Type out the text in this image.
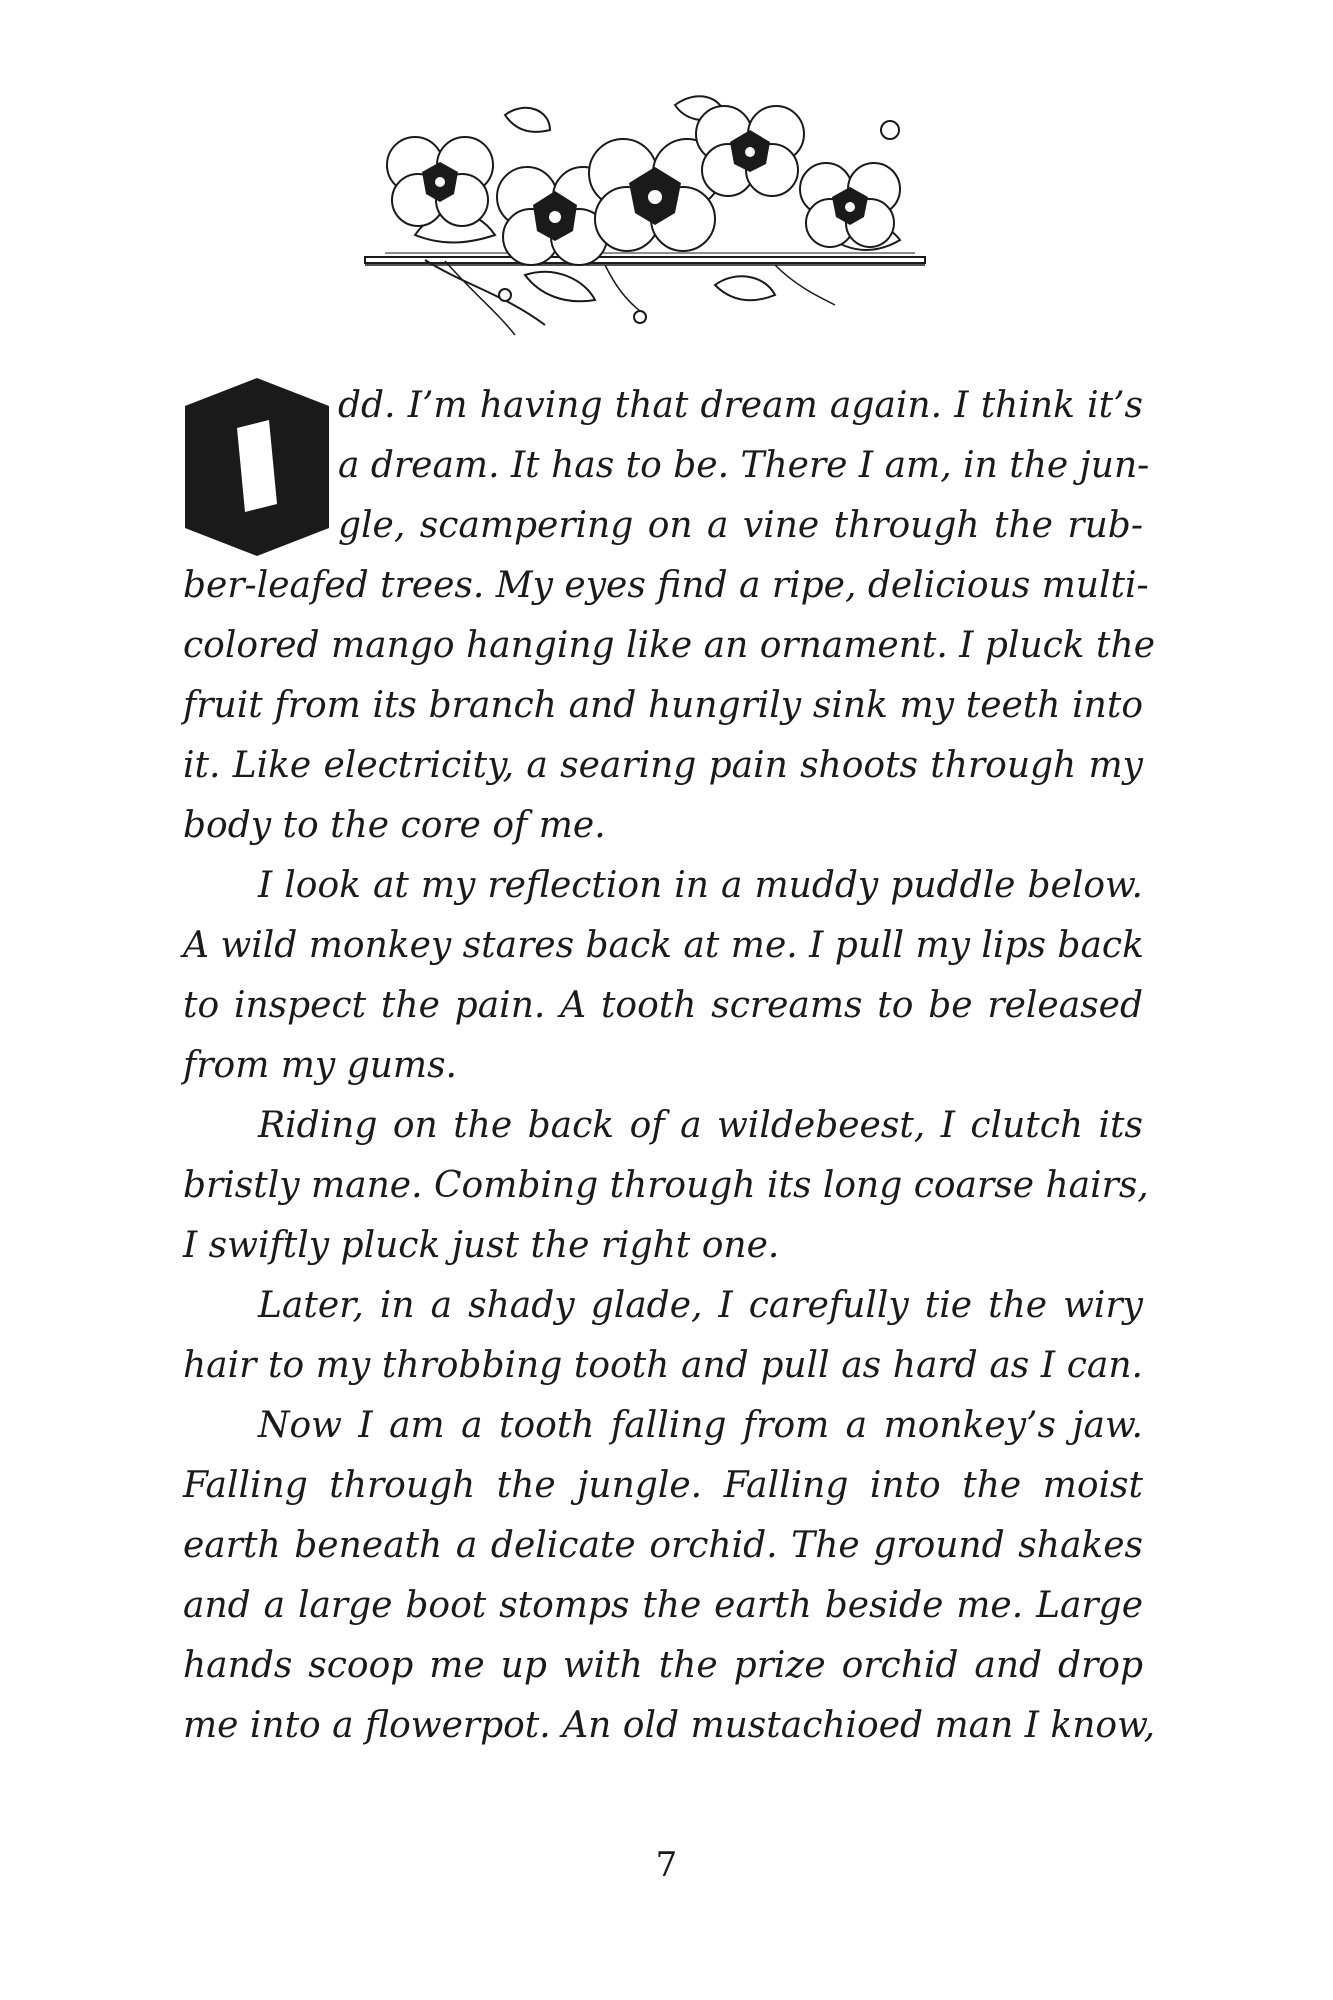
dd. I’m having that dream again. I think it’s
a dream. It has to be. There I am, in the jun-
gle, scampering on a vine through the rub-
ber-leafed trees. My eyes find a ripe, delicious multi-
colored mango hanging like an ornament. I pluck the
fruit from its branch and hungrily sink my teeth into
it. Like electricity, a searing pain shoots through my
body to the core of me.
I look at my reflection in a muddy puddle below.
A wild monkey stares back at me. I pull my lips back
to inspect the pain. A tooth screams to be released
from my gums.
Riding on the back of a wildebeest, I clutch its
bristly mane. Combing through its long coarse hairs,
I swiftly pluck just the right one.
Later, in a shady glade, I carefully tie the wiry
hair to my throbbing tooth and pull as hard as I can.
Now I am a tooth falling from a monkey’s jaw.
Falling through the jungle. Falling into the moist
earth beneath a delicate orchid. The ground shakes
and a large boot stomps the earth beside me. Large
hands scoop me up with the prize orchid and drop
me into a flowerpot. An old mustachioed man I know,
7
